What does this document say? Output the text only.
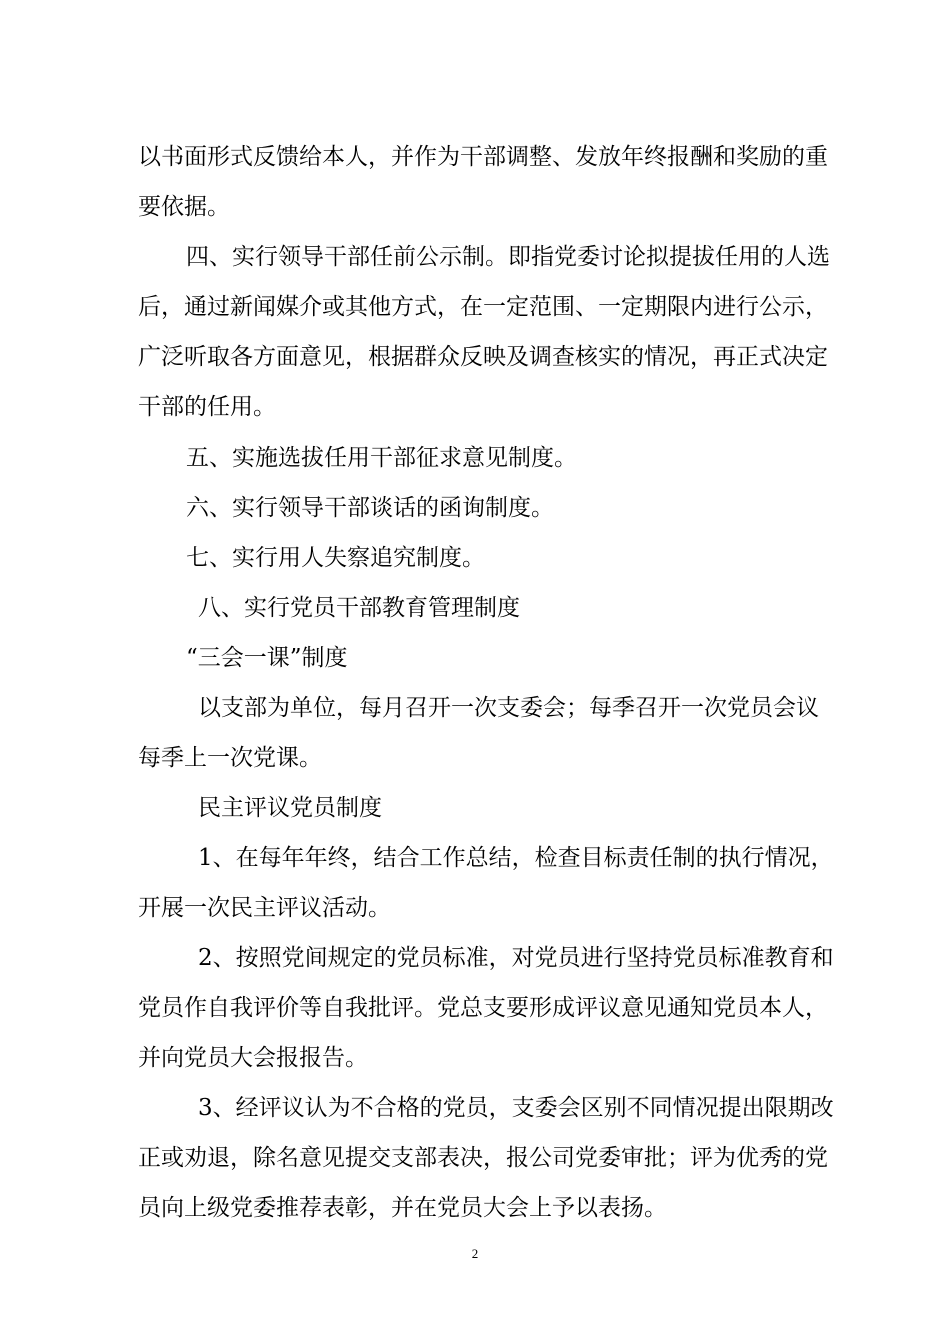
以书面形式反馈给本人，并作为干部调整、发放年终报酬和奖励的重
要依据。
四、实行领导干部任前公示制。即指党委讨论拟提拔任用的人选
后，通过新闻媒介或其他方式，在一定范围、一定期限内进行公示，
广泛听取各方面意见，根据群众反映及调查核实的情况，再正式决定
干部的任用。
五、实施选拔任用干部征求意见制度。
六、实行领导干部谈话的函询制度。
七、实行用人失察追究制度。
八、实行党员干部教育管理制度
“三会一课”制度
以支部为单位，每月召开一次支委会；每季召开一次党员会议
每季上一次党课。
民主评议党员制度
1、在每年年终，结合工作总结，检查目标责任制的执行情况，
开展一次民主评议活动。
2、按照党间规定的党员标准，对党员进行坚持党员标准教育和
党员作自我评价等自我批评。党总支要形成评议意见通知党员本人，
并向党员大会报报告。
3、经评议认为不合格的党员，支委会区别不同情况提出限期改
正或劝退，除名意见提交支部表决，报公司党委审批；评为优秀的党
员向上级党委推荐表彰，并在党员大会上予以表扬。
2
